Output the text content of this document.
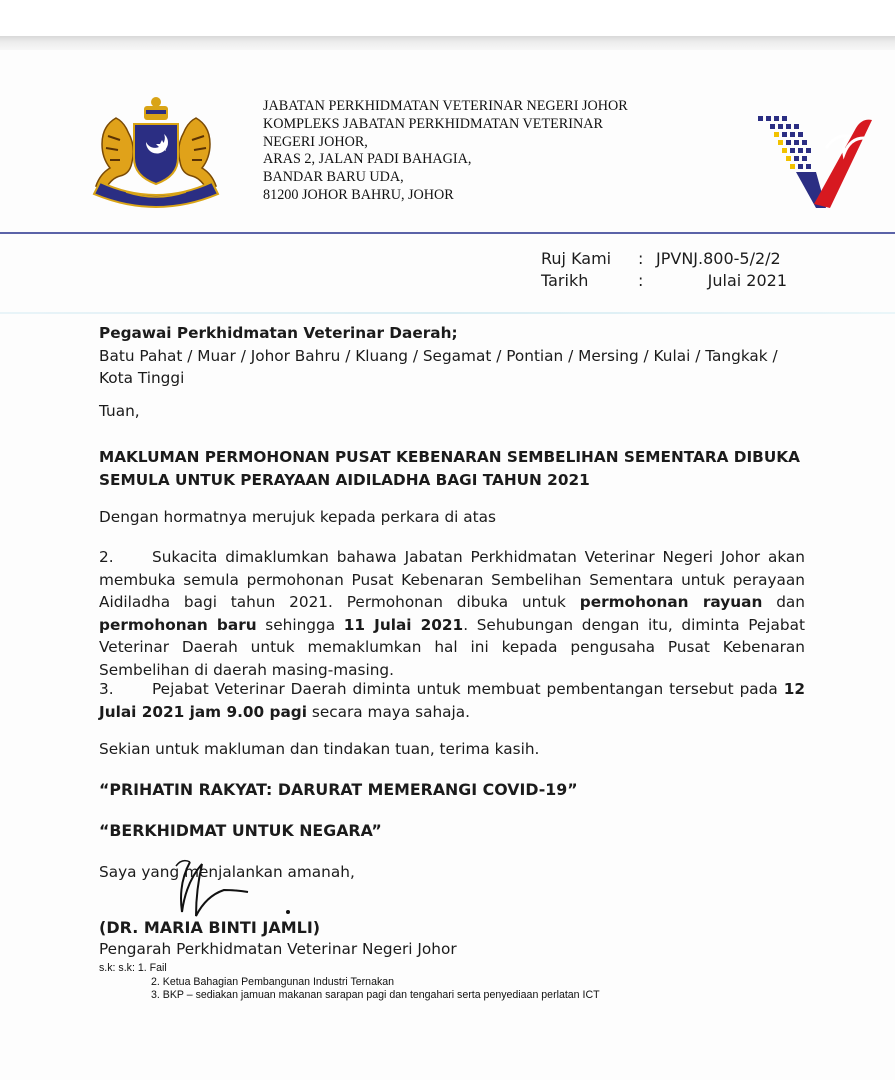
JABATAN PERKHIDMATAN VETERINAR NEGERI JOHOR
KOMPLEKS JABATAN PERKHIDMATAN VETERINAR
NEGERI JOHOR,
ARAS 2, JALAN PADI BAHAGIA,
BANDAR BARU UDA,
81200 JOHOR BAHRU, JOHOR
Ruj Kami
Tarikh
:
:
JPVNJ.800-5/2/2
Julai 2021
Pegawai Perkhidmatan Veterinar Daerah;
Batu Pahat / Muar / Johor Bahru / Kluang / Segamat / Pontian / Mersing / Kulai / Tangkak / Kota Tinggi
Tuan,
MAKLUMAN PERMOHONAN PUSAT KEBENARAN SEMBELIHAN SEMENTARA DIBUKA SEMULA UNTUK PERAYAAN AIDILADHA BAGI TAHUN 2021
Dengan hormatnya merujuk kepada perkara di atas
2.	Sukacita dimaklumkan bahawa Jabatan Perkhidmatan Veterinar Negeri Johor akan membuka semula permohonan Pusat Kebenaran Sembelihan Sementara untuk perayaan Aidiladha bagi tahun 2021. Permohonan dibuka untuk permohonan rayuan dan permohonan baru sehingga 11 Julai 2021. Sehubungan dengan itu, diminta Pejabat Veterinar Daerah untuk memaklumkan hal ini kepada pengusaha Pusat Kebenaran Sembelihan di daerah masing-masing.
3.	Pejabat Veterinar Daerah diminta untuk membuat pembentangan tersebut pada 12 Julai 2021 jam 9.00 pagi secara maya sahaja.
Sekian untuk makluman dan tindakan tuan, terima kasih.
“PRIHATIN RAKYAT: DARURAT MEMERANGI COVID-19”
“BERKHIDMAT UNTUK NEGARA”
Saya yang menjalankan amanah,
(DR. MARIA BINTI JAMLI)
Pengarah Perkhidmatan Veterinar Negeri Johor
s.k: s.k: 1. Fail
2. Ketua Bahagian Pembangunan Industri Ternakan
3. BKP – sediakan jamuan makanan sarapan pagi dan tengahari serta penyediaan perlatan ICT
